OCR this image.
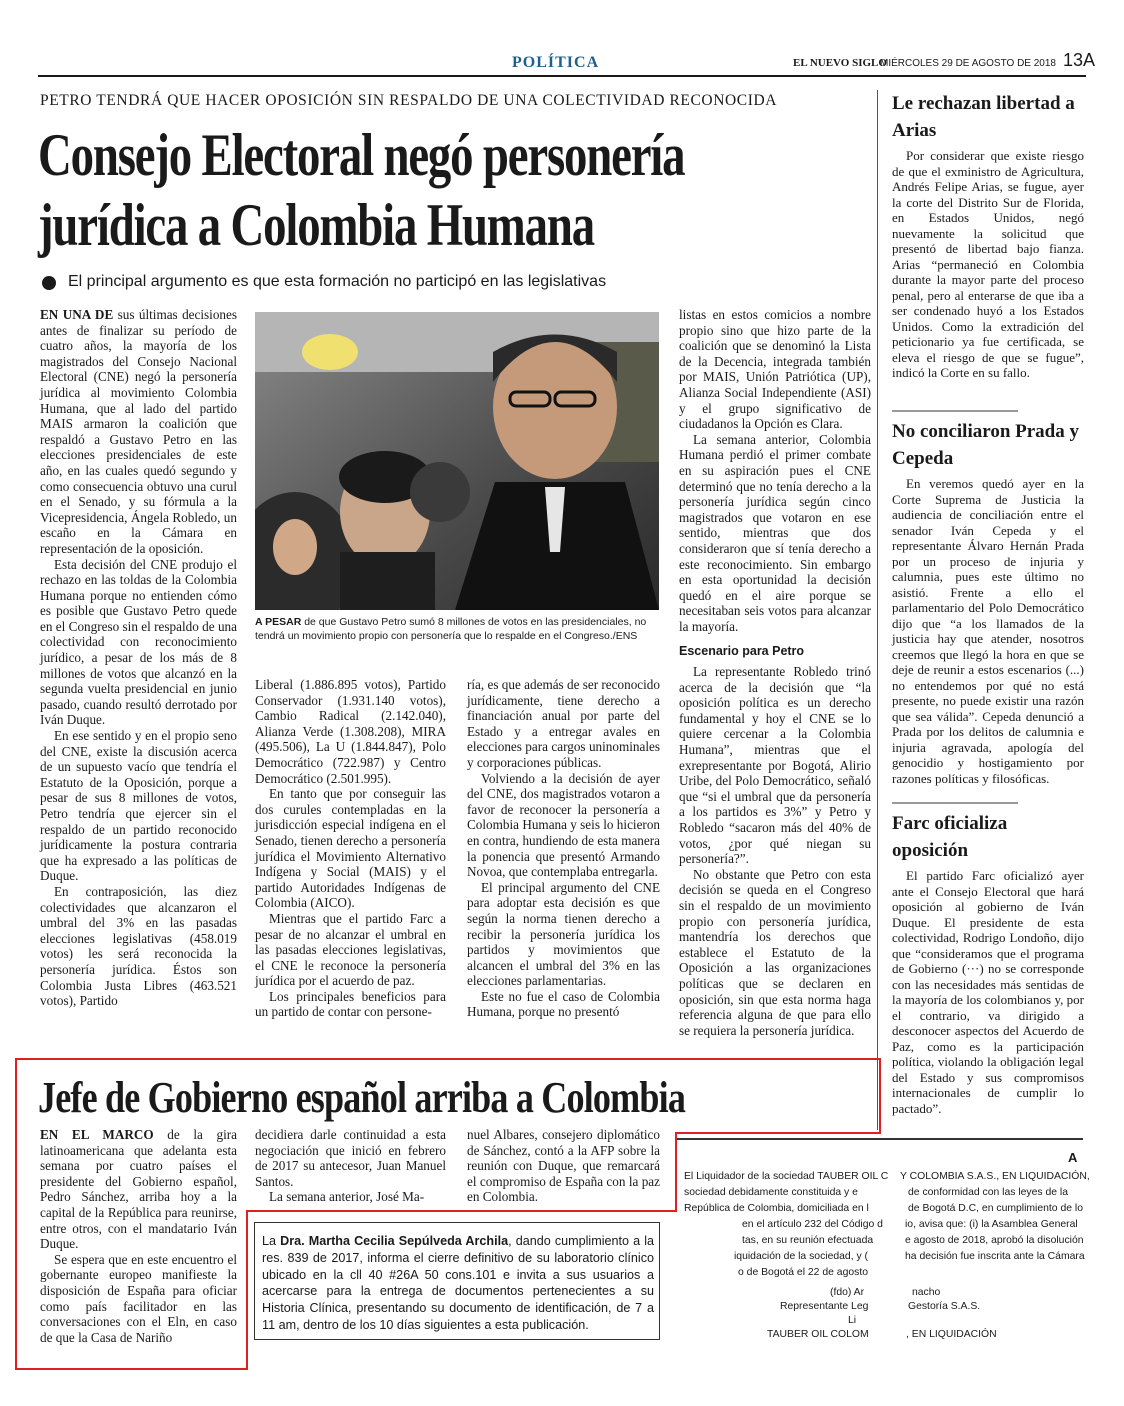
POLÍTICA	EL NUEVO SIGLO
MIÉRCOLES 29 DE AGOSTO DE 2018 13A
PETRO TENDRÁ QUE HACER OPOSICIÓN SIN RESPALDO DE UNA COLECTIVIDAD RECONOCIDA
Consejo Electoral negó personería
jurídica a Colombia Humana
El principal argumento es que esta formación no participó en las legislativas

EN UNA DE sus últimas decisiones antes de finalizar su período de cuatro años, la mayoría de los magistrados del Consejo Nacional Electoral (CNE) negó la personería jurídica al movimiento Colombia Humana, que al lado del partido MAIS armaron la coalición que respaldó a Gustavo Petro en las elecciones presidenciales de este año, en las cuales quedó segundo y como consecuencia obtuvo una curul en el Senado, y su fórmula a la Vicepresidencia, Ángela Robledo, un escaño en la Cámara en representación de la oposición.

Esta decisión del CNE produjo el rechazo en las toldas de la Colombia Humana porque no entienden cómo es posible que Gustavo Petro quede en el Congreso sin el respaldo de una colectividad con reconocimiento jurídico, a pesar de los más de 8 millones de votos que alcanzó en la segunda vuelta presidencial en junio pasado, cuando resultó derrotado por Iván Duque.

En ese sentido y en el propio seno del CNE, existe la discusión acerca de un supuesto vacío que tendría el Estatuto de la Oposición, porque a pesar de sus 8 millones de votos, Petro tendría que ejercer sin el respaldo de un partido reconocido jurídicamente la postura contraria que ha expresado a las políticas de Duque.

En contraposición, las diez colectividades que alcanzaron el umbral del 3% en las pasadas elecciones legislativas (458.019 votos) les será reconocida la personería jurídica. Éstos son Colombia Justa Libres (463.521 votos), Partido

A PESAR de que Gustavo Petro sumó 8 millones de votos en las presidenciales, no tendrá un movimiento propio con personería que lo respalde en el Congreso./ENS

Liberal (1.886.895 votos), Partido Conservador (1.931.140 votos), Cambio Radical (2.142.040), Alianza Verde (1.308.208), MIRA (495.506), La U (1.844.847), Polo Democrático (722.987) y Centro Democrático (2.501.995).

En tanto que por conseguir las dos curules contempladas en la jurisdicción especial indígena en el Senado, tienen derecho a personería jurídica el Movimiento Alternativo Indígena y Social (MAIS) y el partido Autoridades Indígenas de Colombia (AICO).

Mientras que el partido Farc a pesar de no alcanzar el umbral en las pasadas elecciones legislativas, el CNE le reconoce la personería jurídica por el acuerdo de paz.

Los principales beneficios para un partido de contar con persone-

ría, es que además de ser reconocido jurídicamente, tiene derecho a financiación anual por parte del Estado y a entregar avales en elecciones para cargos uninominales y corporaciones públicas.

Volviendo a la decisión de ayer del CNE, dos magistrados votaron a favor de reconocer la personería a Colombia Humana y seis lo hicieron en contra, hundiendo de esta manera la ponencia que presentó Armando Novoa, que contemplaba entregarla.

El principal argumento del CNE para adoptar esta decisión es que según la norma tienen derecho a recibir la personería jurídica los partidos y movimientos que alcancen el umbral del 3% en las elecciones parlamentarias.

Este no fue el caso de Colombia Humana, porque no presentó

listas en estos comicios a nombre propio sino que hizo parte de la coalición que se denominó la Lista de la Decencia, integrada también por MAIS, Unión Patriótica (UP), Alianza Social Independiente (ASI) y el grupo significativo de ciudadanos la Opción es Clara.

La semana anterior, Colombia Humana perdió el primer combate en su aspiración pues el CNE determinó que no tenía derecho a la personería jurídica según cinco magistrados que votaron en ese sentido, mientras que dos consideraron que sí tenía derecho a este reconocimiento. Sin embargo en esta oportunidad la decisión quedó en el aire porque se necesitaban seis votos para alcanzar la mayoría.

Escenario para Petro

La representante Robledo trinó acerca de la decisión que “la oposición política es un derecho fundamental y hoy el CNE se lo quiere cercenar a la Colombia Humana”, mientras que el exrepresentante por Bogotá, Alirio Uribe, del Polo Democrático, señaló que “si el umbral que da personería a los partidos es 3%” y Petro y Robledo “sacaron más del 40% de votos, ¿por qué niegan su personería?”.

No obstante que Petro con esta decisión se queda en el Congreso sin el respaldo de un movimiento propio con personería jurídica, mantendría los derechos que establece el Estatuto de la Oposición a las organizaciones políticas que se declaren en oposición, sin que esta norma haga referencia alguna de que para ello se requiera la personería jurídica.

Le rechazan libertad a Arias

Por considerar que existe riesgo de que el exministro de Agricultura, Andrés Felipe Arias, se fugue, ayer la corte del Distrito Sur de Florida, en Estados Unidos, negó nuevamente la solicitud que presentó de libertad bajo fianza. Arias “permaneció en Colombia durante la mayor parte del proceso penal, pero al enterarse de que iba a ser condenado huyó a los Estados Unidos. Como la extradición del peticionario ya fue certificada, se eleva el riesgo de que se fugue”, indicó la Corte en su fallo.

No conciliaron Prada y Cepeda

En veremos quedó ayer en la Corte Suprema de Justicia la audiencia de conciliación entre el senador Iván Cepeda y el representante Álvaro Hernán Prada por un proceso de injuria y calumnia, pues este último no asistió. Frente a ello el parlamentario del Polo Democrático dijo que “a los llamados de la justicia hay que atender, nosotros creemos que llegó la hora en que se deje de reunir a estos escenarios (...) no entendemos por qué no está presente, no puede existir una razón que sea válida”. Cepeda denunció a Prada por los delitos de calumnia e injuria agravada, apología del genocidio y hostigamiento por razones políticas y filosóficas.

Farc oficializa oposición

El partido Farc oficializó ayer ante el Consejo Electoral que hará oposición al gobierno de Iván Duque. El presidente de esta colectividad, Rodrigo Londoño, dijo que “consideramos que el programa de Gobierno (···) no se corresponde con las necesidades más sentidas de la mayoría de los colombianos y, por el contrario, va dirigido a desconocer aspectos del Acuerdo de Paz, como es la participación política, violando la obligación legal del Estado y sus compromisos internacionales de cumplir lo pactado”.

Jefe de Gobierno español arriba a Colombia

EN EL MARCO de la gira latinoamericana que adelanta esta semana por cuatro países el presidente del Gobierno español, Pedro Sánchez, arriba hoy a la capital de la República para reunirse, entre otros, con el mandatario Iván Duque.

Se espera que en este encuentro el gobernante europeo manifieste la disposición de España para oficiar como país facilitador en las conversaciones con el Eln, en caso de que la Casa de Nariño

decidiera darle continuidad a esta negociación que inició en febrero de 2017 su antecesor, Juan Manuel Santos.

La semana anterior, José Ma-

nuel Albares, consejero diplomático de Sánchez, contó a la AFP sobre la reunión con Duque, que remarcará el compromiso de España con la paz en Colombia.

La Dra. Martha Cecilia Sepúlveda Archila, dando cumplimiento a la res. 839 de 2017, informa el cierre definitivo de su laboratorio clínico ubicado en la cll 40 #26A 50 cons.101 e invita a sus usuarios a acercarse para la entrega de documentos pertenecientes a su Historia Clínica, presentando su documento de identificación, de 7 a 11 am, dentro de los 10 días siguientes a esta publicación.
A
El Liquidador de la sociedad TAUBER OIL C Y COLOMBIA S.A.S., EN LIQUIDACIÓN,
sociedad debidamente constituida y e	de conformidad con las leyes de la
República de Colombia, domiciliada en l	de Bogotá D.C, en cumplimiento de lo
en el artículo 232 del Código d io, avisa que: (i) la Asamblea General
tas, en su reunión efectuada	e agosto de 2018, aprobó la disolución
iquidación de la sociedad, y (	ha decisión fue inscrita ante la Cámara
o de Bogotá el 22 de agosto
(fdo) Ar	nacho
Representante Leg	Gestoría S.A.S.
Li
TAUBER OIL COLOM	, EN LIQUIDACIÓN
